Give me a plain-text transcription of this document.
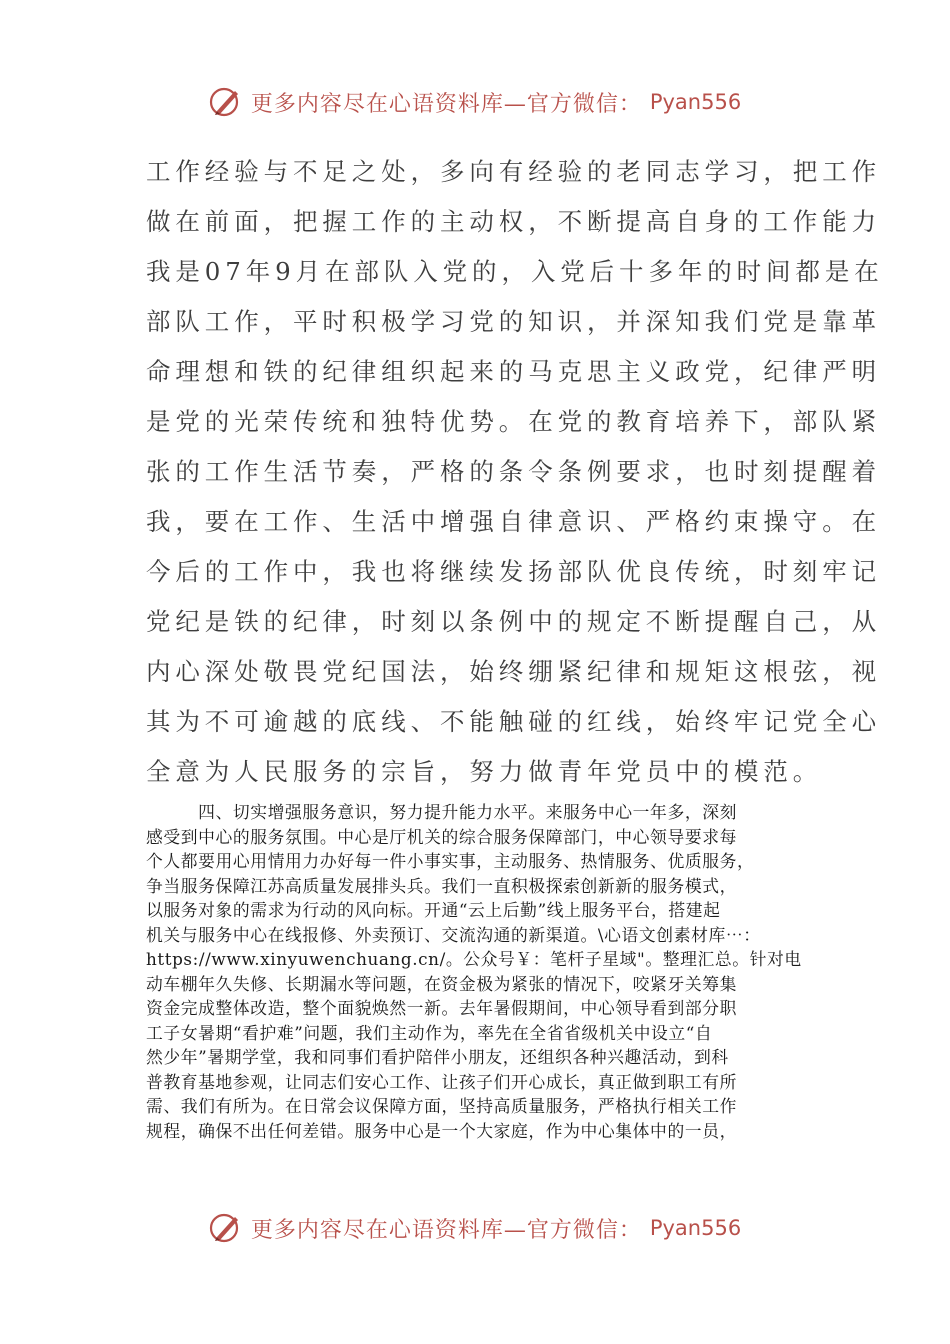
更多内容尽在心语资料库—官方微信： Pyan556
工作经验与不足之处，多向有经验的老同志学习，把工作
做在前面，把握工作的主动权，不断提高自身的工作能力
我是07年9月在部队入党的，入党后十多年的时间都是在
部队工作，平时积极学习党的知识，并深知我们党是靠革
命理想和铁的纪律组织起来的马克思主义政党，纪律严明
是党的光荣传统和独特优势。在党的教育培养下，部队紧
张的工作生活节奏，严格的条令条例要求，也时刻提醒着
我，要在工作、生活中增强自律意识、严格约束操守。在
今后的工作中，我也将继续发扬部队优良传统，时刻牢记
党纪是铁的纪律，时刻以条例中的规定不断提醒自己，从
内心深处敬畏党纪国法，始终绷紧纪律和规矩这根弦，视
其为不可逾越的底线、不能触碰的红线，始终牢记党全心
全意为人民服务的宗旨，努力做青年党员中的模范。
　　　四、切实增强服务意识，努力提升能力水平。来服务中心一年多，深刻
感受到中心的服务氛围。中心是厅机关的综合服务保障部门，中心领导要求每
个人都要用心用情用力办好每一件小事实事，主动服务、热情服务、优质服务，
争当服务保障江苏高质量发展排头兵。我们一直积极探索创新新的服务模式，
以服务对象的需求为行动的风向标。开通“云上后勤”线上服务平台，搭建起
机关与服务中心在线报修、外卖预订、交流沟通的新渠道。\心语文创素材库⋯：
https://www.xinyuwenchuang.cn/。公众号￥：笔杆子星域"。整理汇总。针对电
动车棚年久失修、长期漏水等问题，在资金极为紧张的情况下，咬紧牙关筹集
资金完成整体改造，整个面貌焕然一新。去年暑假期间，中心领导看到部分职
工子女暑期“看护难”问题，我们主动作为，率先在全省省级机关中设立“自
然少年”暑期学堂，我和同事们看护陪伴小朋友，还组织各种兴趣活动，到科
普教育基地参观，让同志们安心工作、让孩子们开心成长，真正做到职工有所
需、我们有所为。在日常会议保障方面，坚持高质量服务，严格执行相关工作
规程，确保不出任何差错。服务中心是一个大家庭，作为中心集体中的一员，
更多内容尽在心语资料库—官方微信： Pyan556
